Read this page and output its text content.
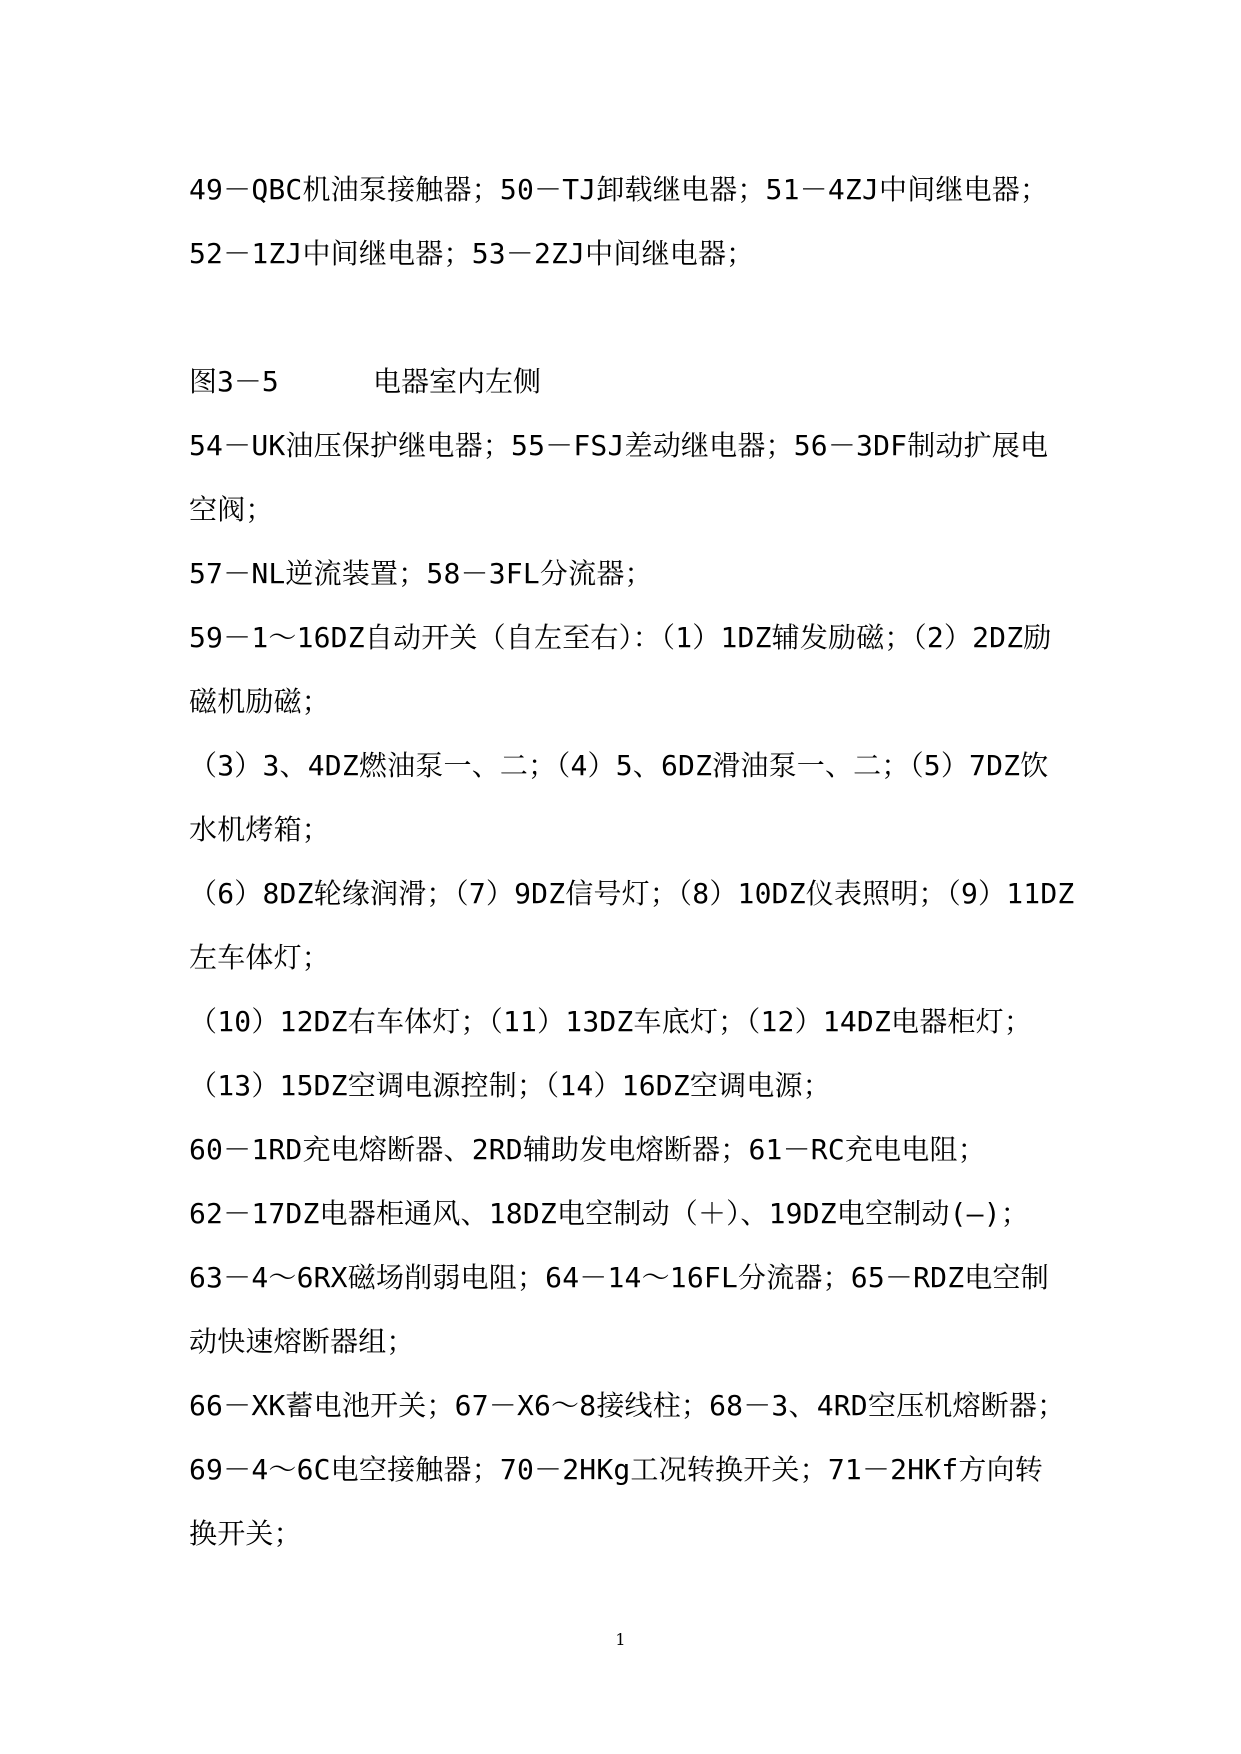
49－QBC机油泵接触器；50－TJ卸载继电器；51－4ZJ中间继电器；
52－1ZJ中间继电器；53－2ZJ中间继电器；
图3－5	电器室内左侧
54－UK油压保护继电器；55－FSJ差动继电器；56－3DF制动扩展电
空阀；
57－NL逆流装置；58－3FL分流器；
59－1～16DZ自动开关（自左至右）：（1）1DZ辅发励磁；（2）2DZ励
磁机励磁；
（3）3、4DZ燃油泵一、二；（4）5、6DZ滑油泵一、二；（5）7DZ饮
水机烤箱；
（6）8DZ轮缘润滑；（7）9DZ信号灯；（8）10DZ仪表照明；（9）11DZ
左车体灯；
（10）12DZ右车体灯；（11）13DZ车底灯；（12）14DZ电器柜灯；
（13）15DZ空调电源控制；（14）16DZ空调电源；
60－1RD充电熔断器、2RD辅助发电熔断器；61－RC充电电阻；
62－17DZ电器柜通风、18DZ电空制动（＋）、19DZ电空制动(—)；
63－4～6RX磁场削弱电阻；64－14～16FL分流器；65－RDZ电空制
动快速熔断器组；
66－XK蓄电池开关；67－X6～8接线柱；68－3、4RD空压机熔断器；
69－4～6C电空接触器；70－2HKg工况转换开关；71－2HKf方向转
换开关；
1
